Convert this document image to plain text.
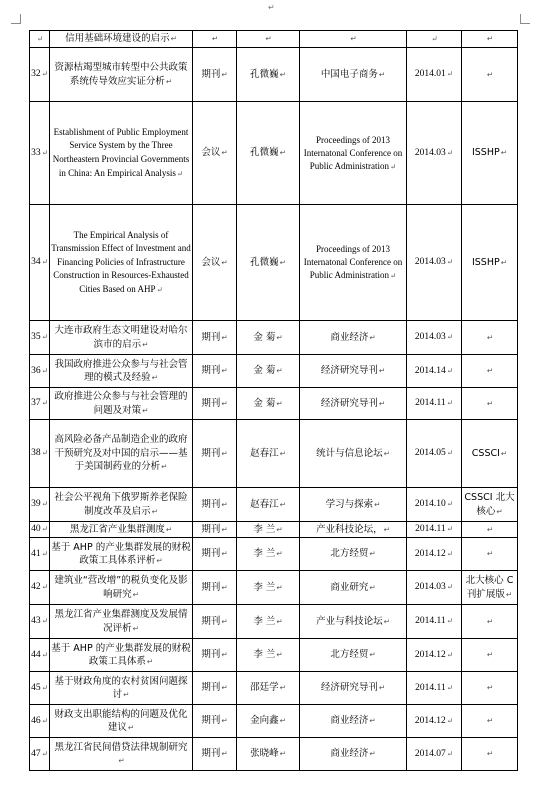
↵
↵	信用基础环境建设的启示↵	↵	↵	↵	↵	↵
32↵	资源枯竭型城市转型中公共政策系统传导效应实证分析↵	期刊↵	孔微巍↵	中国电子商务↵	2014.01↵	↵
33↵	Establishment of Public Employment Service System by the Three Northeastern Provincial Governments in China: An Empirical Analysis↵	会议↵	孔微巍↵	Proceedings of 2013 Internatonal Conference on Public Administration↵	2014.03↵	ISSHP↵
34↵	The Empirical Analysis of Transmission Effect of Investment and Financing Policies of Infrastructure Construction in Resources-Exhausted Cities Based on AHP↵	会议↵	孔微巍↵	Proceedings of 2013 Internatonal Conference on Public Administration↵	2014.03↵	ISSHP↵
35↵	大连市政府生态文明建设对哈尔滨市的启示↵	期刊↵	金 菊↵	商业经济↵	2014.03↵	↵
36↵	我国政府推进公众参与与社会管理的模式及经验↵	期刊↵	金 菊↵	经济研究导刊↵	2014.14↵	↵
37↵	政府推进公众参与与社会管理的问题及对策↵	期刊↵	金 菊↵	经济研究导刊↵	2014.11↵	↵
38↵	高风险必备产品制造企业的政府干预研究及对中国的启示——基于美国制药业的分析↵	期刊↵	赵春江↵	统计与信息论坛↵	2014.05↵	CSSCI↵
39↵	社会公平视角下俄罗斯养老保险制度改革及启示↵	期刊↵	赵春江↵	学习与探索↵	2014.10↵	CSSCI 北大核心↵
40↵	黑龙江省产业集群测度↵	期刊↵	李 兰↵	产业科技论坛，↵	2014.11↵	↵
41↵	基于 AHP 的产业集群发展的财税政策工具体系评析↵	期刊↵	李 兰↵	北方经贸↵	2014.12↵	↵
42↵	建筑业“营改增”的税负变化及影响研究↵	期刊↵	李 兰↵	商业研究↵	2014.03↵	北大核心 C刊扩展版↵
43↵	黑龙江省产业集群测度及发展情况评析↵	期刊↵	李 兰↵	产业与科技论坛↵	2014.11↵	↵
44↵	基于 AHP 的产业集群发展的财税政策工具体系↵	期刊↵	李 兰↵	北方经贸↵	2014.12↵	↵
45↵	基于财政角度的农村贫困问题探讨↵	期刊↵	邵廷学↵	经济研究导刊↵	2014.11↵	↵
46↵	财政支出职能结构的问题及优化建议↵	期刊↵	金向鑫↵	商业经济↵	2014.12↵	↵
47↵	黑龙江省民间借贷法律规制研究↵	期刊↵	张晓峰↵	商业经济↵	2014.07↵	↵
